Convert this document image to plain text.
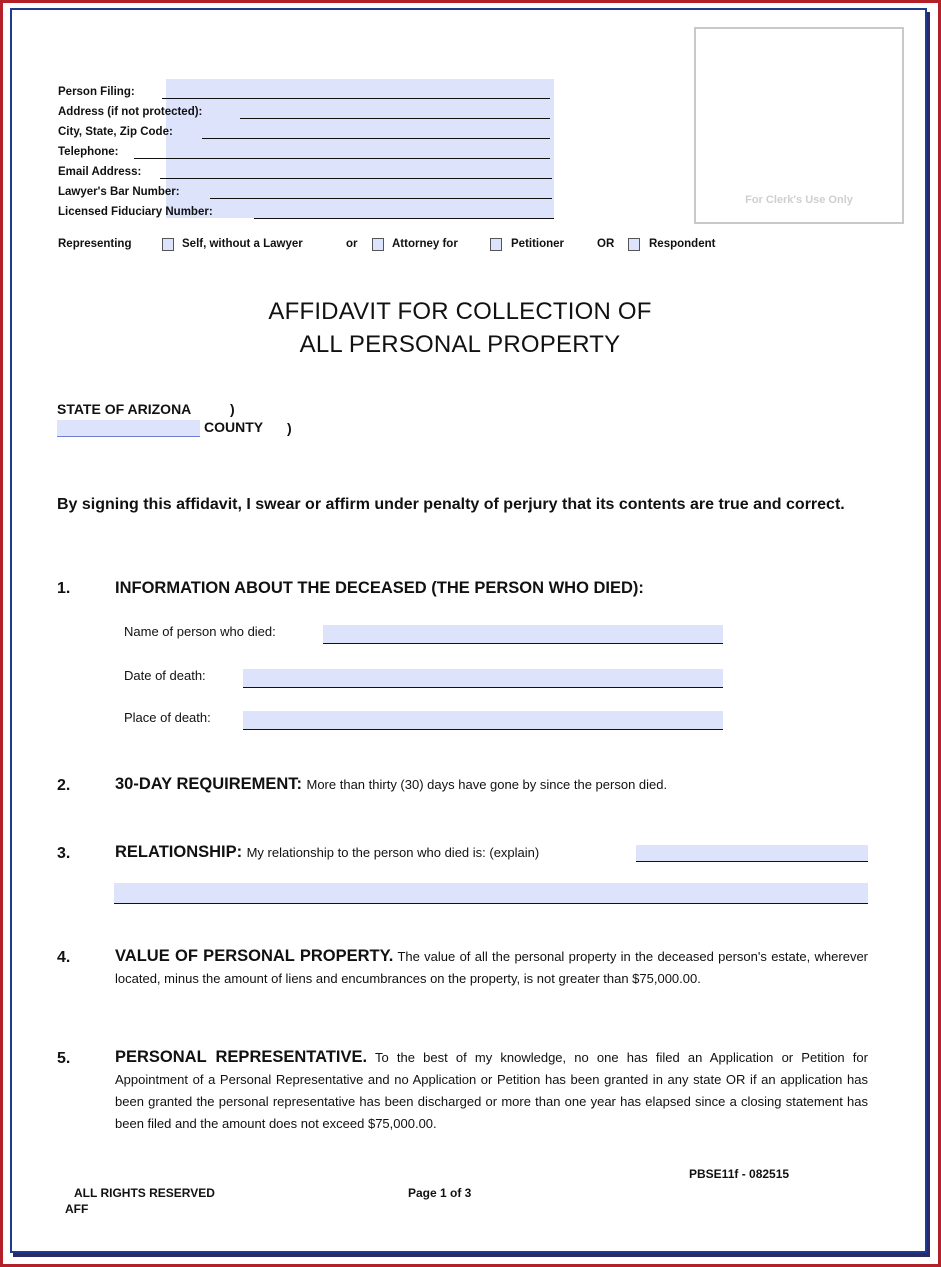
Person Filing:
Address (if not protected):
City, State, Zip Code:
Telephone:
Email Address:
Lawyer's Bar Number:
Licensed Fiduciary Number:
Representing	Self, without a Lawyer	or	Attorney for	Petitioner	OR	Respondent
For Clerk's Use Only
AFFIDAVIT FOR COLLECTION OF
ALL PERSONAL PROPERTY
STATE OF ARIZONA	)
COUNTY )
By signing this affidavit, I swear or affirm under penalty of perjury that its contents are true and correct.
1.	INFORMATION ABOUT THE DECEASED (THE PERSON WHO DIED):
Name of person who died:
Date of death:
Place of death:
2.	30-DAY REQUIREMENT: More than thirty (30) days have gone by since the person died.
3.	RELATIONSHIP: My relationship to the person who died is: (explain)
4.	VALUE OF PERSONAL PROPERTY. The value of all the personal property in the deceased person's estate, wherever located, minus the amount of liens and encumbrances on the property, is not greater than $75,000.00.
5.	PERSONAL REPRESENTATIVE. To the best of my knowledge, no one has filed an Application or Petition for Appointment of a Personal Representative and no Application or Petition has been granted in any state OR if an application has been granted the personal representative has been discharged or more than one year has elapsed since a closing statement has been filed and the amount does not exceed $75,000.00.
PBSE11f - 082515
ALL RIGHTS RESERVED	Page 1 of 3
AFF
